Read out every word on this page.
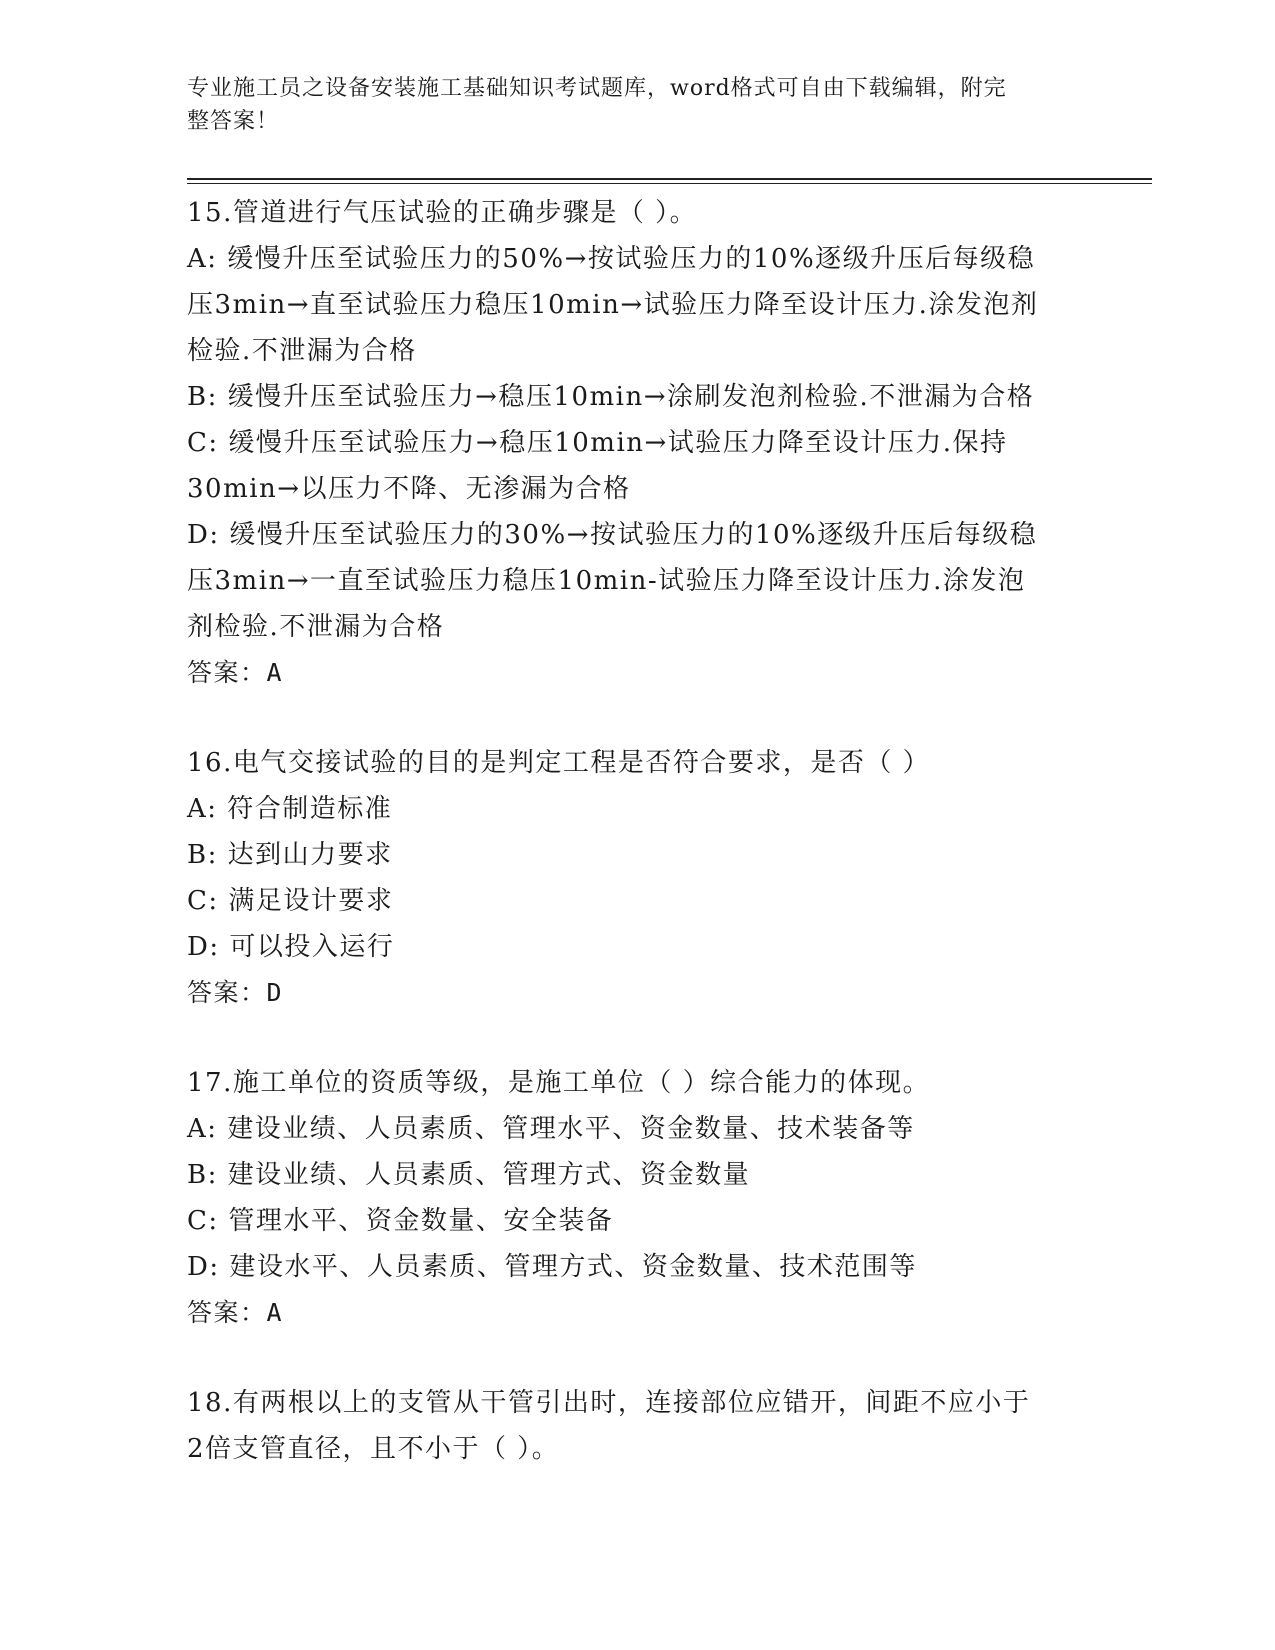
专业施工员之设备安装施工基础知识考试题库，word格式可自由下载编辑，附完
整答案！
15.管道进行气压试验的正确步骤是（ ）。
A: 缓慢升压至试验压力的50%→按试验压力的10%逐级升压后每级稳
压3min→直至试验压力稳压10min→试验压力降至设计压力.涂发泡剂
检验.不泄漏为合格
B: 缓慢升压至试验压力→稳压10min→涂刷发泡剂检验.不泄漏为合格
C: 缓慢升压至试验压力→稳压10min→试验压力降至设计压力.保持
30min→以压力不降、无渗漏为合格
D: 缓慢升压至试验压力的30%→按试验压力的10%逐级升压后每级稳
压3min→一直至试验压力稳压10min-试验压力降至设计压力.涂发泡
剂检验.不泄漏为合格
答案：A
16.电气交接试验的目的是判定工程是否符合要求，是否（ ）
A: 符合制造标准
B: 达到山力要求
C: 满足设计要求
D: 可以投入运行
答案：D
17.施工单位的资质等级，是施工单位（ ）综合能力的体现。
A: 建设业绩、人员素质、管理水平、资金数量、技术装备等
B: 建设业绩、人员素质、管理方式、资金数量
C: 管理水平、资金数量、安全装备
D: 建设水平、人员素质、管理方式、资金数量、技术范围等
答案：A
18.有两根以上的支管从干管引出时，连接部位应错开，间距不应小于
2倍支管直径，且不小于（ ）。
